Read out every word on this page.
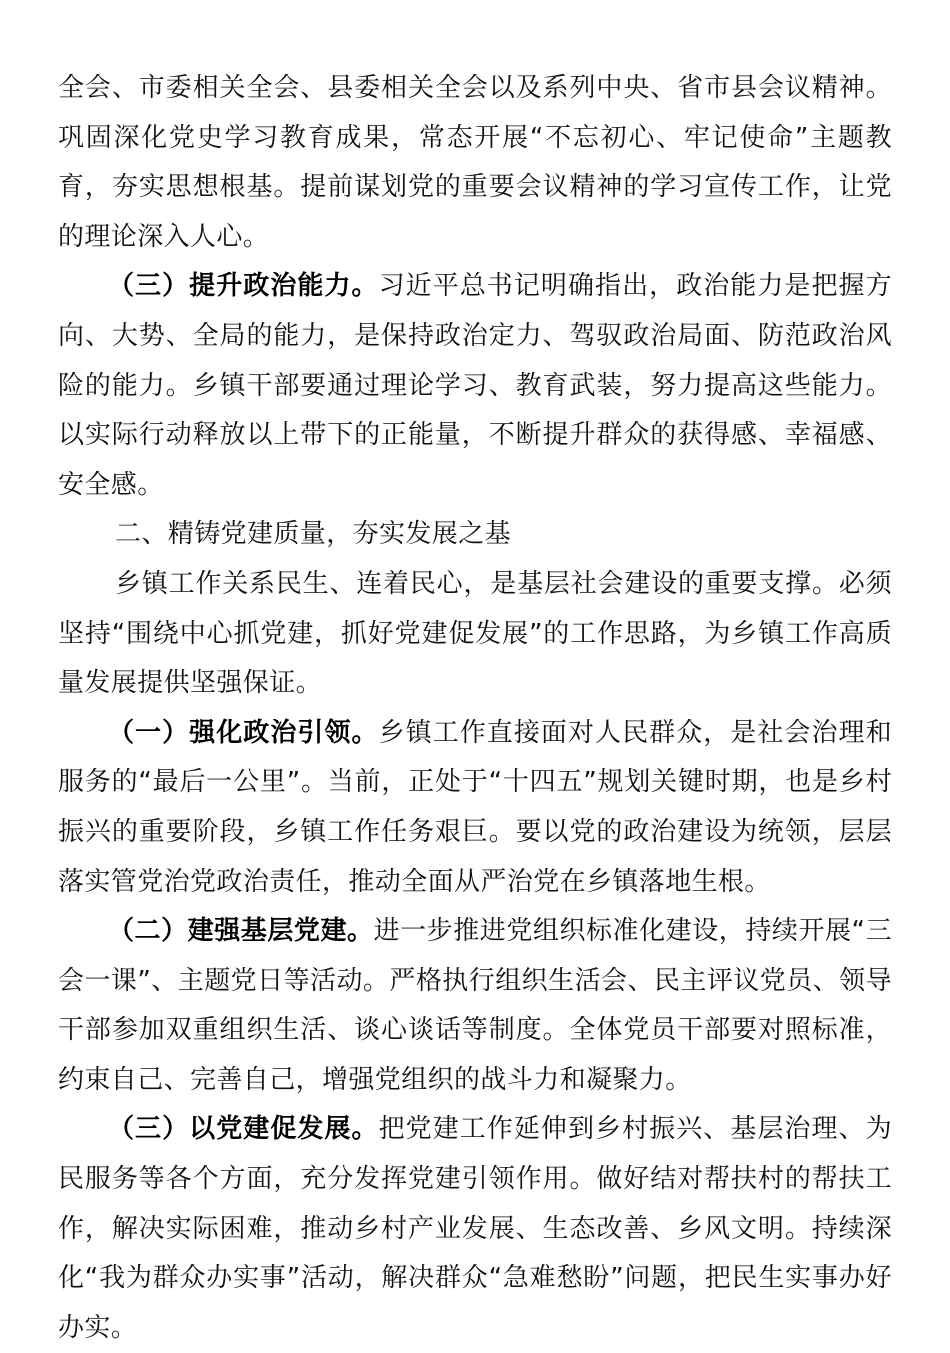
全会、市委相关全会、县委相关全会以及系列中央、省市县会议精神。巩固深化党史学习教育成果，常态开展“不忘初心、牢记使命”主题教育，夯实思想根基。提前谋划党的重要会议精神的学习宣传工作，让党的理论深入人心。

（三）提升政治能力。习近平总书记明确指出，政治能力是把握方向、大势、全局的能力，是保持政治定力、驾驭政治局面、防范政治风险的能力。乡镇干部要通过理论学习、教育武装，努力提高这些能力。以实际行动释放以上带下的正能量，不断提升群众的获得感、幸福感、安全感。

二、精铸党建质量，夯实发展之基

乡镇工作关系民生、连着民心，是基层社会建设的重要支撑。必须坚持“围绕中心抓党建，抓好党建促发展”的工作思路，为乡镇工作高质量发展提供坚强保证。

（一）强化政治引领。乡镇工作直接面对人民群众，是社会治理和服务的“最后一公里”。当前，正处于“十四五”规划关键时期，也是乡村振兴的重要阶段，乡镇工作任务艰巨。要以党的政治建设为统领，层层落实管党治党政治责任，推动全面从严治党在乡镇落地生根。

（二）建强基层党建。进一步推进党组织标准化建设，持续开展“三会一课”、主题党日等活动。严格执行组织生活会、民主评议党员、领导干部参加双重组织生活、谈心谈话等制度。全体党员干部要对照标准，约束自己、完善自己，增强党组织的战斗力和凝聚力。

（三）以党建促发展。把党建工作延伸到乡村振兴、基层治理、为民服务等各个方面，充分发挥党建引领作用。做好结对帮扶村的帮扶工作，解决实际困难，推动乡村产业发展、生态改善、乡风文明。持续深化“我为群众办实事”活动，解决群众“急难愁盼”问题，把民生实事办好办实。
